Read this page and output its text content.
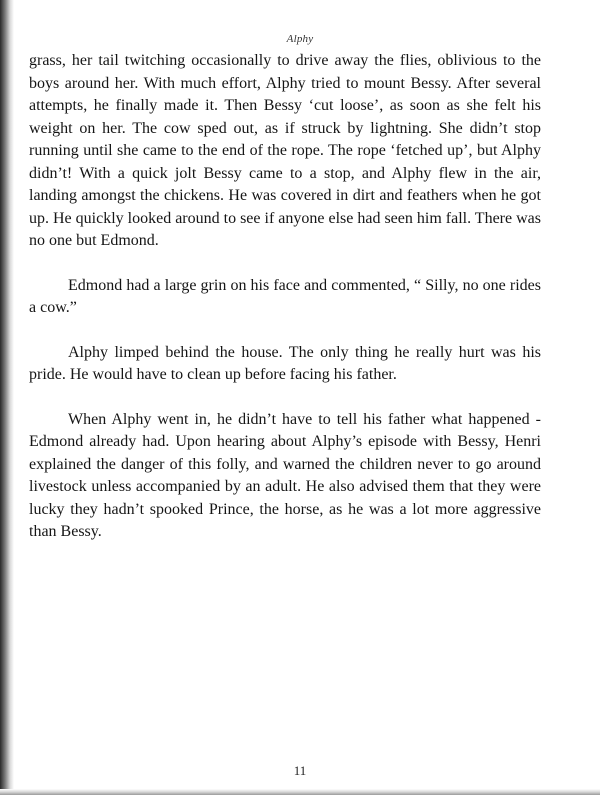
Alphy

grass, her tail twitching occasionally to drive away the flies, oblivious to the boys around her. With much effort, Alphy tried to mount Bessy. After several attempts, he finally made it. Then Bessy ‘cut loose’, as soon as she felt his weight on her. The cow sped out, as if struck by lightning. She didn’t stop running until she came to the end of the rope. The rope ‘fetched up’, but Alphy didn’t! With a quick jolt Bessy came to a stop, and Alphy flew in the air, landing amongst the chickens. He was covered in dirt and feathers when he got up. He quickly looked around to see if anyone else had seen him fall. There was no one but Edmond.

Edmond had a large grin on his face and commented, “ Silly, no one rides a cow.”

Alphy limped behind the house. The only thing he really hurt was his pride. He would have to clean up before facing his father.

When Alphy went in, he didn’t have to tell his father what happened - Edmond already had. Upon hearing about Alphy’s episode with Bessy, Henri explained the danger of this folly, and warned the children never to go around livestock unless accompanied by an adult. He also advised them that they were lucky they hadn’t spooked Prince, the horse, as he was a lot more aggressive than Bessy.

11
